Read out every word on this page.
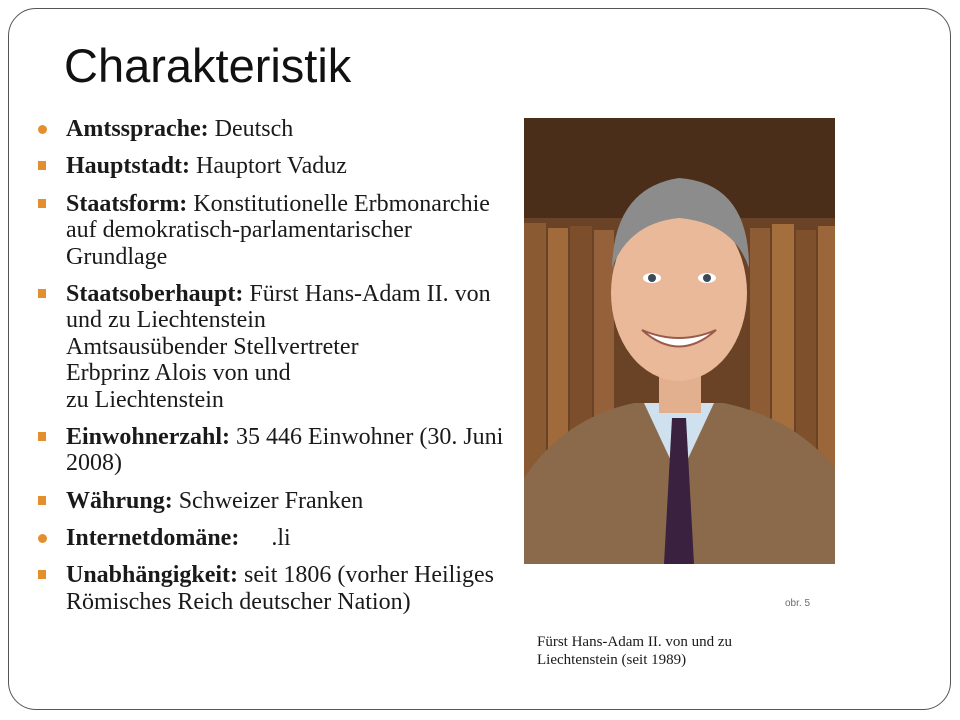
Charakteristik
Amtssprache: Deutsch
Hauptstadt: Hauptort Vaduz
Staatsform: Konstitutionelle Erbmonarchie auf demokratisch-parlamentarischer Grundlage
Staatsoberhaupt: Fürst Hans-Adam II. von und zu Liechtenstein
Amtsausübender Stellvertreter
Erbprinz Alois von und
zu Liechtenstein
Einwohnerzahl: 35 446 Einwohner (30. Juni 2008)
Währung: Schweizer Franken
Internetdomäne: .li
Unabhängigkeit: seit 1806 (vorher Heiliges Römisches Reich deutscher Nation)	obr. 5
Fürst Hans-Adam II. von und zu Liechtenstein (seit 1989)
